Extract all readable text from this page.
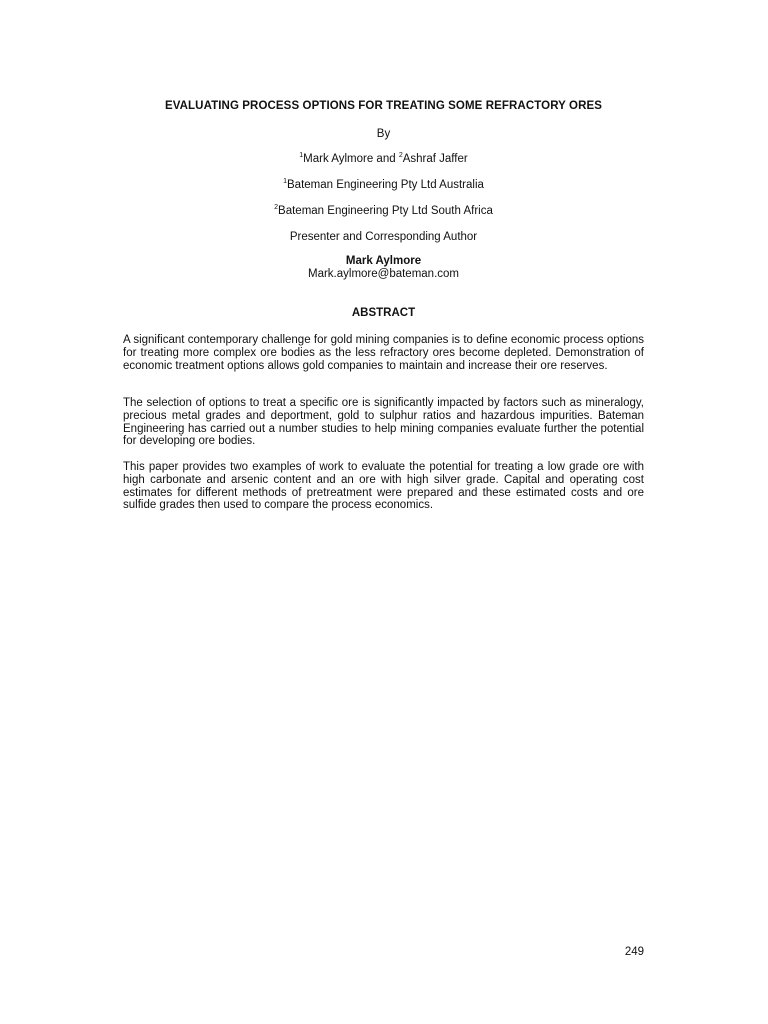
EVALUATING PROCESS OPTIONS FOR TREATING SOME REFRACTORY ORES
By
$^1$Mark Aylmore and $^2$Ashraf Jaffer
$^1$Bateman Engineering Pty Ltd Australia
$^2$Bateman Engineering Pty Ltd South Africa
Presenter and Corresponding Author
Mark Aylmore
Mark.aylmore@bateman.com
ABSTRACT

A significant contemporary challenge for gold mining companies is to define economic process options for treating more complex ore bodies as the less refractory ores become depleted. Demonstration of economic treatment options allows gold companies to maintain and increase their ore reserves.

The selection of options to treat a specific ore is significantly impacted by factors such as mineralogy, precious metal grades and deportment, gold to sulphur ratios and hazardous impurities. Bateman Engineering has carried out a number studies to help mining companies evaluate further the potential for developing ore bodies.

This paper provides two examples of work to evaluate the potential for treating a low grade ore with high carbonate and arsenic content and an ore with high silver grade. Capital and operating cost estimates for different methods of pretreatment were prepared and these estimated costs and ore sulfide grades then used to compare the process economics.

249
